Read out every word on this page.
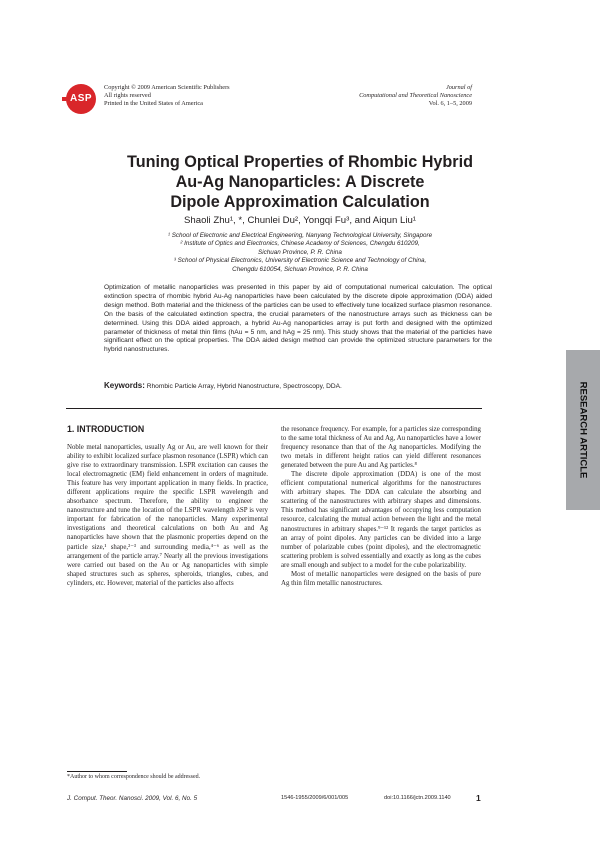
ASP
Copyright © 2009 American Scientific Publishers
All rights reserved
Printed in the United States of America
Journal of
Computational and Theoretical Nanoscience
Vol. 6, 1–5, 2009
Tuning Optical Properties of Rhombic Hybrid
Au-Ag Nanoparticles: A Discrete
Dipole Approximation Calculation
Shaoli Zhu¹, *, Chunlei Du², Yongqi Fu³, and Aiqun Liu¹
¹ School of Electronic and Electrical Engineering, Nanyang Technological University, Singapore
² Institute of Optics and Electronics, Chinese Academy of Sciences, Chengdu 610209,
Sichuan Province, P. R. China
³ School of Physical Electronics, University of Electronic Science and Technology of China,
Chengdu 610054, Sichuan Province, P. R. China
Optimization of metallic nanoparticles was presented in this paper by aid of computational numerical calculation. The optical extinction spectra of rhombic hybrid Au-Ag nanoparticles have been calculated by the discrete dipole approximation (DDA) aided design method. Both material and the thickness of the particles can be used to effectively tune localized surface plasmon resonance. On the basis of the calculated extinction spectra, the crucial parameters of the nanostructure arrays such as thickness can be determined. Using this DDA aided approach, a hybrid Au-Ag nanoparticles array is put forth and designed with the optimized parameter of thickness of metal thin films (hAu = 5 nm, and hAg = 25 nm). This study shows that the material of the particles have significant effect on the optical properties. The DDA aided design method can provide the optimized structure parameters for the hybrid nanostructures.
Keywords: Rhombic Particle Array, Hybrid Nanostructure, Spectroscopy, DDA.	RESEARCH ARTICLE
1. INTRODUCTION

Noble metal nanoparticles, usually Ag or Au, are well known for their ability to exhibit localized surface plasmon resonance (LSPR) which can give rise to extraordinary transmission. LSPR excitation can causes the local electromagnetic (EM) field enhancement in orders of magnitude. This feature has very important application in many fields. In practice, different applications require the specific LSPR wavelength and absorbance spectrum. Therefore, the ability to engineer the nanostructure and tune the location of the LSPR wavelength λSP is very important for fabrication of the nanoparticles. Many experimental investigations and theoretical calculations on both Au and Ag nanoparticles have shown that the plasmonic properties depend on the particle size,¹ shape,²⁻³ and surrounding media,⁴⁻⁶ as well as the arrangement of the particle array.⁷ Nearly all the previous investigations were carried out based on the Au or Ag nanoparticles with simple shaped structures such as spheres, spheroids, triangles, cubes, and cylinders, etc. However, material of the particles also affects

the resonance frequency. For example, for a particles size corresponding to the same total thickness of Au and Ag, Au nanoparticles have a lower frequency resonance than that of the Ag nanoparticles. Modifying the two metals in different height ratios can yield different resonances generated between the pure Au and Ag particles.⁸

The discrete dipole approximation (DDA) is one of the most efficient computational numerical algorithms for the nanostructures with arbitrary shapes. The DDA can calculate the absorbing and scattering of the nanostructures with arbitrary shapes and dimensions. This method has significant advantages of occupying less computation resource, calculating the mutual action between the light and the metal nanostructures in arbitrary shapes.⁹⁻¹² It regards the target particles as an array of point dipoles. Any particles can be divided into a large number of polarizable cubes (point dipoles), and the electromagnetic scattering problem is solved essentially and exactly as long as the cubes are small enough and subject to a model for the cube polarizability.

Most of metallic nanoparticles were designed on the basis of pure Ag thin film metallic nanostructures.

*Author to whom correspondence should be addressed.
J. Comput. Theor. Nanosci. 2009, Vol. 6, No. 5	1546-1955/2009/6/001/005	doi:10.1166/jctn.2009.1140	1
